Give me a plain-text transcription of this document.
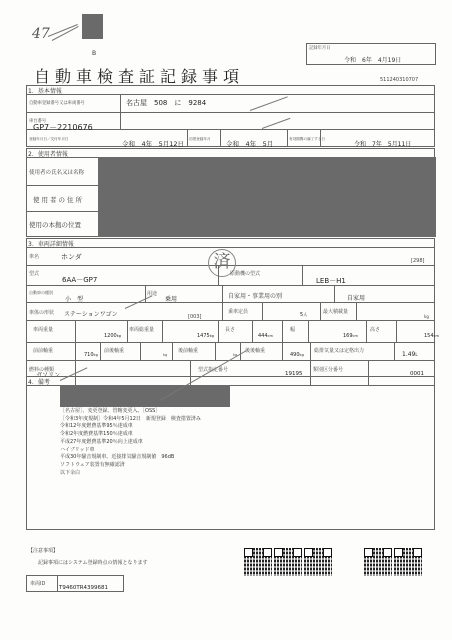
47
B
記録年月日
令和　6年　4月19日
自動車検査証記録事項	511240310707
1．基本情報
自動車登録番号又は車両番号	名古屋　508　に　9284
車台番号
GP7－2210676
登録年月日／交付年月日
令和　4年　5月12日
初度登録年月
令和　4年　5月
有効期間の満了する日
令和　7年　5月11日
2．使用者情報
使用者の氏名又は名称
使用者の住所
使用の本拠の位置
3．車両詳細情報
車名	ホンダ	[298]
済
型式
6AA－GP7
原動機の型式
LEB－H1
自動車の種別
小　型
用途
乗用	自家用・事業用の別	自家用
車体の形状 ステーションワゴン	[003]
乗車定員	5人	最大積載量
kg
車両重量
1200kg
車両総重量
1475kg
長さ
444cm
幅
169cm
高さ
154cm
前前軸重
710kg
前後軸重
kg
後前軸重
kg
後後軸重
490kg
総排気量又は定格出力	1.49L
燃料の種類
ガソリン
型式指定番号
19195
類別区分番号
0001
4．備考
［名古屋］、変更登録、管轄変更入、［OSS］
［令和3年度規制］令和4年5月12日　新規登録　検査措置済み
令和12年度燃費基準95％達成車
令和2年度燃費基準150％達成車
平成27年度燃費基準20％向上達成車
ハイブリッド車
平成30年騒音規制車、近接排気騒音規制値　96dB
ソフトウェア装置有無確認済
以下余白
【注意事項】
記録事項にはシステム登録時点の情報となります
車両ID
T9460TR4399681
